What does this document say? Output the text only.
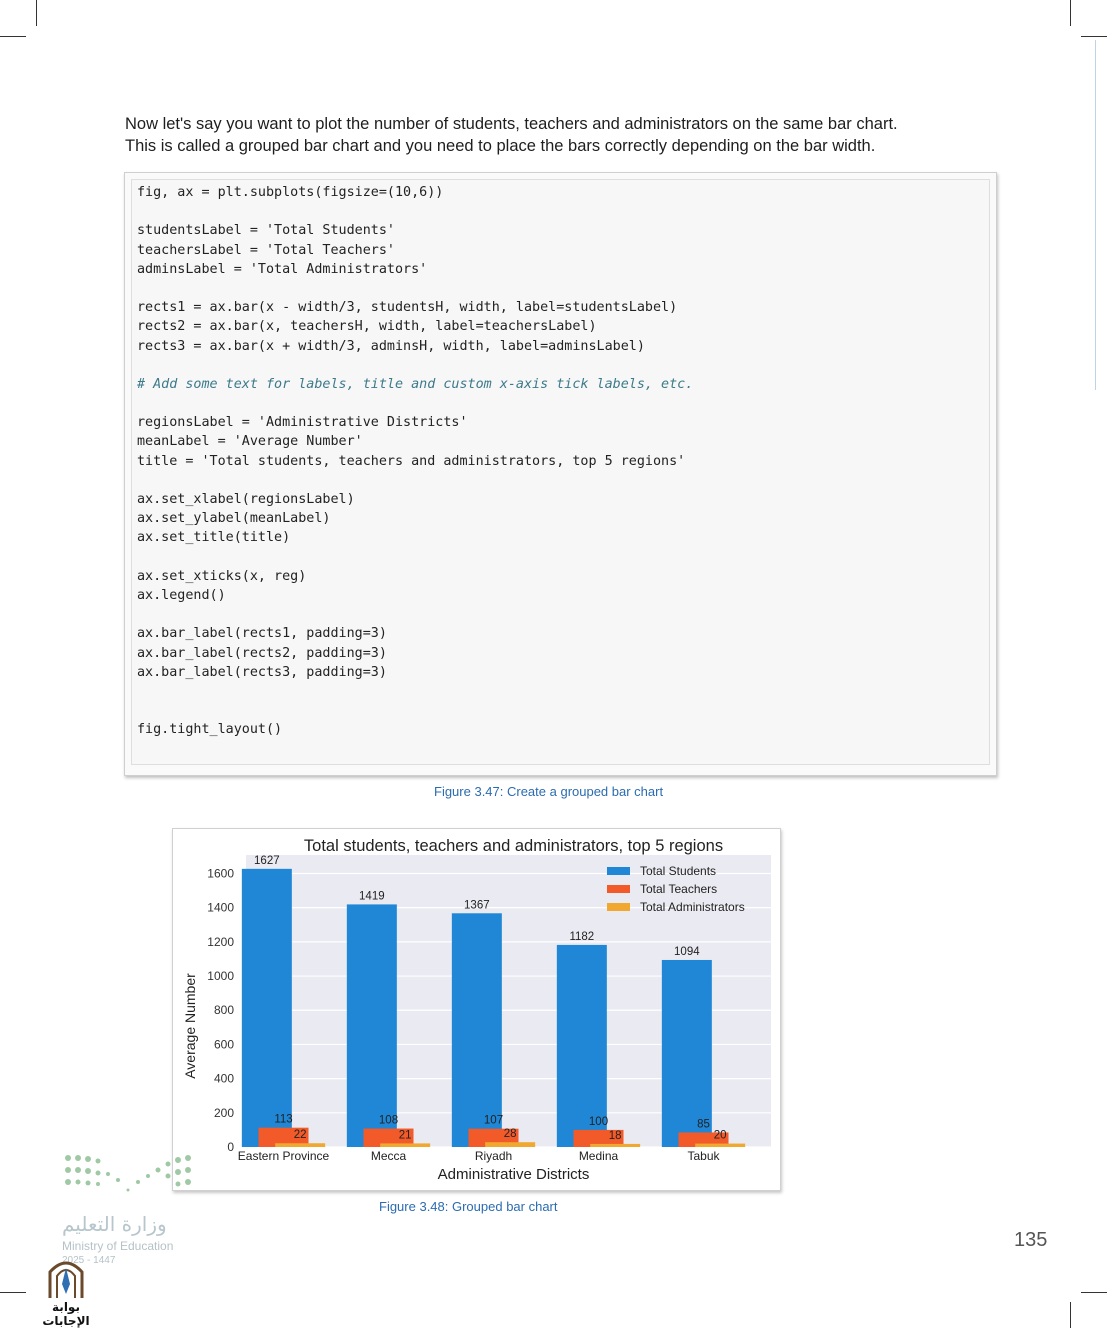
Now let's say you want to plot the number of students, teachers and administrators on the same bar chart.

This is called a grouped bar chart and you need to place the bars correctly depending on the bar width.

fig, ax = plt.subplots(figsize=(10,6))
studentsLabel = 'Total Students'
teachersLabel = 'Total Teachers'
adminsLabel = 'Total Administrators'
rects1 = ax.bar(x - width/3, studentsH, width, label=studentsLabel)
rects2 = ax.bar(x, teachersH, width, label=teachersLabel)
rects3 = ax.bar(x + width/3, adminsH, width, label=adminsLabel)
# Add some text for labels, title and custom x-axis tick labels, etc.
regionsLabel = 'Administrative Districts'
meanLabel = 'Average Number'
title = 'Total students, teachers and administrators, top 5 regions'
ax.set_xlabel(regionsLabel)
ax.set_ylabel(meanLabel)
ax.set_title(title)
ax.set_xticks(x, reg)
ax.legend()
ax.bar_label(rects1, padding=3)
ax.bar_label(rects2, padding=3)
ax.bar_label(rects3, padding=3)
fig.tight_layout()
Figure 3.47: Create a grouped bar chart
0
200
400
600
800
1000
1200
1400
1600
1627
113
22
Eastern Province
1419
108
21
Mecca
1367
107
28
Riyadh
1182
100
18
Medina
1094
85
20
Tabuk
Total students, teachers and administrators, top 5 regions
Administrative Districts
Average Number
Total Students
Total Teachers
Total Administrators
Figure 3.48: Grouped bar chart
وزارة التعليم
Ministry of Education
2025 - 1447
بوابة الإجابات
135
